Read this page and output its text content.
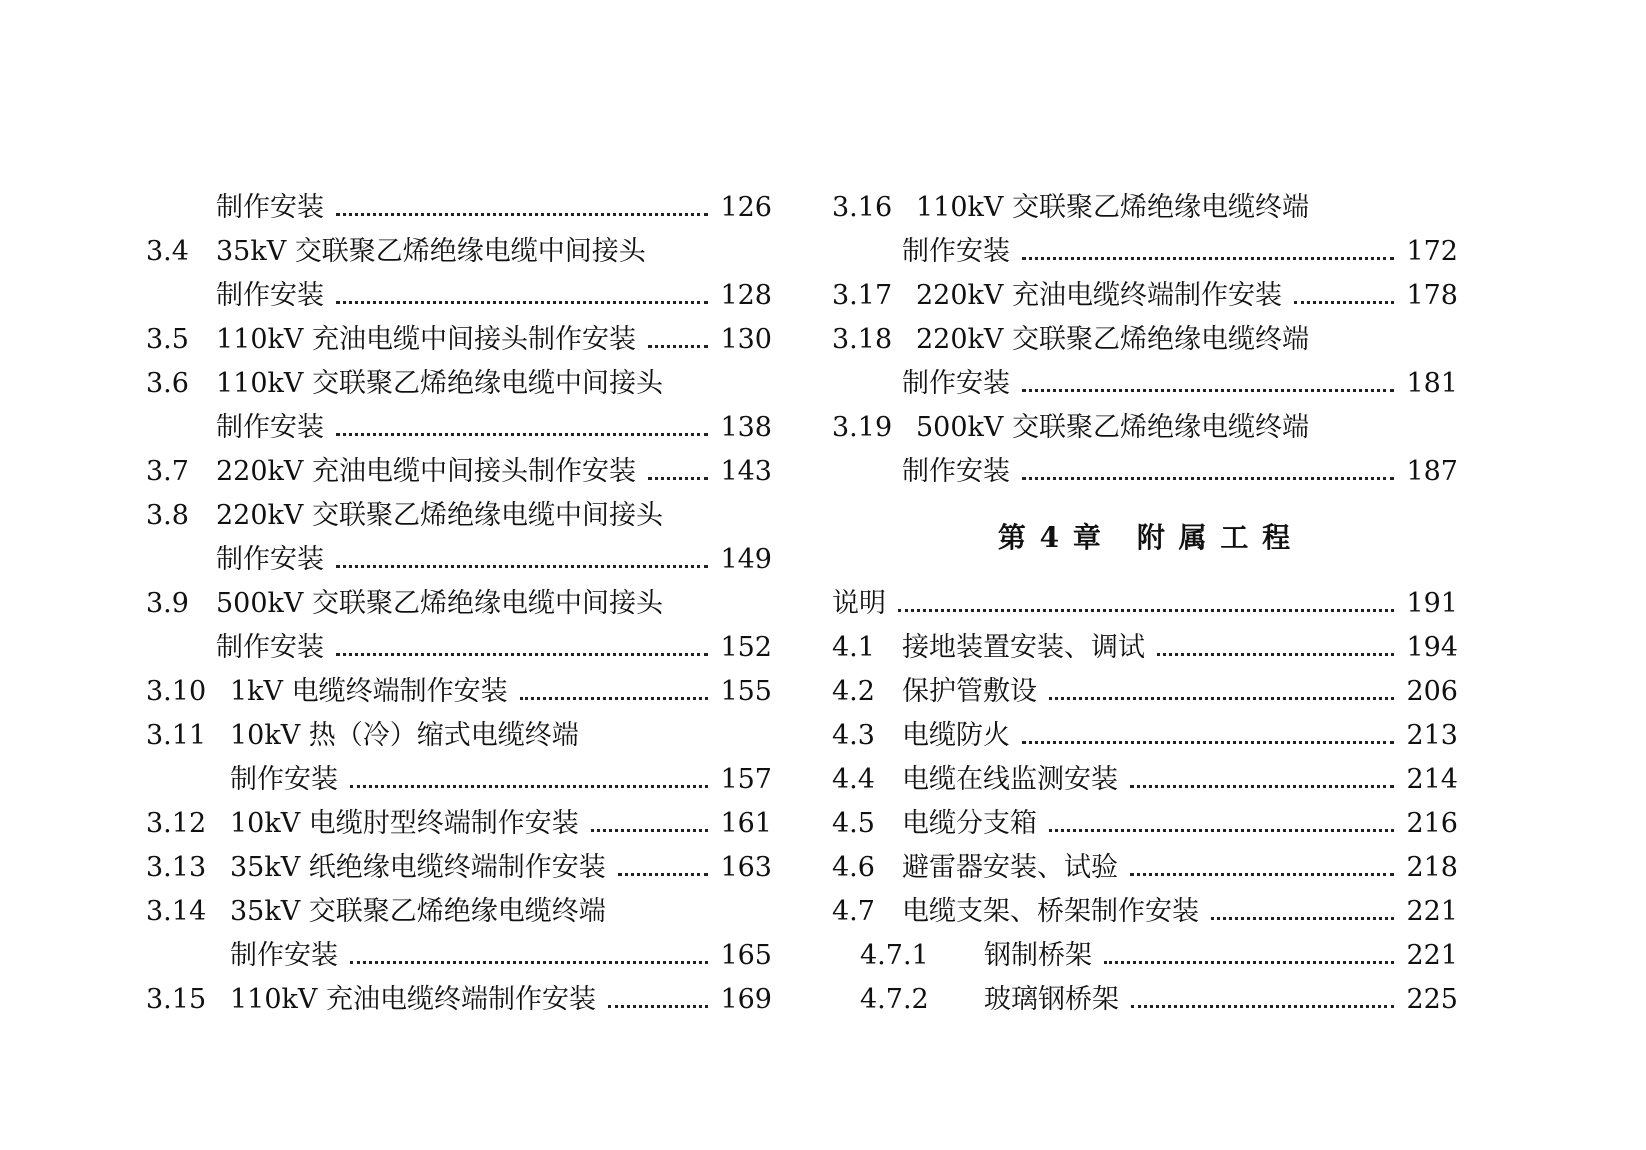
制作安装	126
3.4	35kV 交联聚乙烯绝缘电缆中间接头
制作安装	128
3.5	110kV 充油电缆中间接头制作安装	130
3.6	110kV 交联聚乙烯绝缘电缆中间接头
制作安装	138
3.7	220kV 充油电缆中间接头制作安装	143
3.8	220kV 交联聚乙烯绝缘电缆中间接头
制作安装	149
3.9	500kV 交联聚乙烯绝缘电缆中间接头
制作安装	152
3.10 1kV 电缆终端制作安装	155
3.11 10kV 热（冷）缩式电缆终端
制作安装	157
3.12 10kV 电缆肘型终端制作安装	161
3.13 35kV 纸绝缘电缆终端制作安装	163
3.14 35kV 交联聚乙烯绝缘电缆终端
制作安装	165
3.15 110kV 充油电缆终端制作安装	169
3.16 110kV 交联聚乙烯绝缘电缆终端
制作安装	172
3.17 220kV 充油电缆终端制作安装	178
3.18 220kV 交联聚乙烯绝缘电缆终端
制作安装	181
3.19 500kV 交联聚乙烯绝缘电缆终端
制作安装	187
第 4 章 附 属 工 程
说明	191
4.1	接地装置安装、调试	194
4.2	保护管敷设	206
4.3	电缆防火	213
4.4	电缆在线监测安装	214
4.5	电缆分支箱	216
4.6	避雷器安装、试验	218
4.7	电缆支架、桥架制作安装	221
4.7.1	钢制桥架	221
4.7.2	玻璃钢桥架	225
